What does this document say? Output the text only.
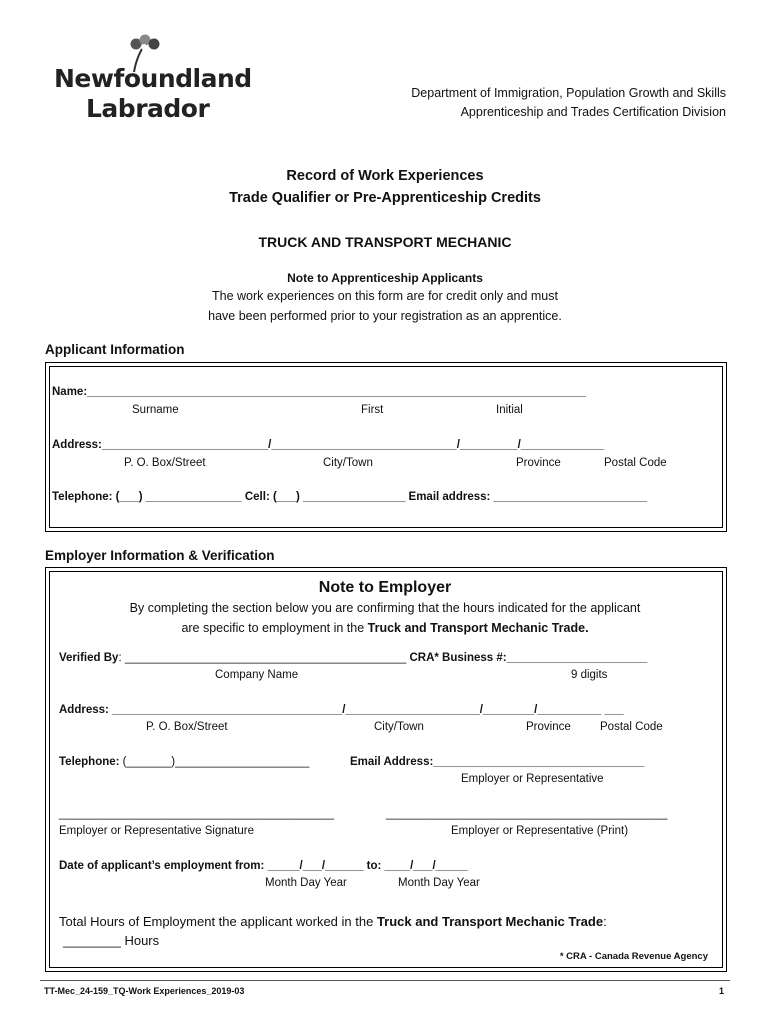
Newfoundland
Labrador
Department of Immigration, Population Growth and Skills
Apprenticeship and Trades Certification Division
Record of Work Experiences
Trade Qualifier or Pre-Apprenticeship Credits
TRUCK AND TRANSPORT MECHANIC
Note to Apprenticeship Applicants
The work experiences on this form are for credit only and must
have been performed prior to your registration as an apprentice.
Applicant Information
Name:______________________________________________________________________________
Surname	First	Initial
Address:__________________________/_____________________________/_________/_____________
P. O. Box/Street	City/Town	Province	Postal Code
Telephone: (___) _______________ Cell: (___) ________________ Email address: ________________________
Employer Information & Verification
Note to Employer
By completing the section below you are confirming that the hours indicated for the applicant
are specific to employment in the Truck and Transport Mechanic Trade.
Verified By: ____________________________________________ CRA* Business #:______________________
Company Name	9 digits
Address: ____________________________________/_____________________/________/__________ ___
P. O. Box/Street	City/Town	Province	Postal Code
Telephone: (_______)_____________________	Email Address:_________________________________
Employer or Representative
___________________________________________	____________________________________________
Employer or Representative Signature	Employer or Representative (Print)
Date of applicant’s employment from: _____/___/______ to: ____/___/_____
Month Day Year	Month Day Year
Total Hours of Employment the applicant worked in the Truck and Transport Mechanic Trade:
________ Hours
* CRA - Canada Revenue Agency
TT-Mec_24-159_TQ-Work Experiences_2019-03	1
